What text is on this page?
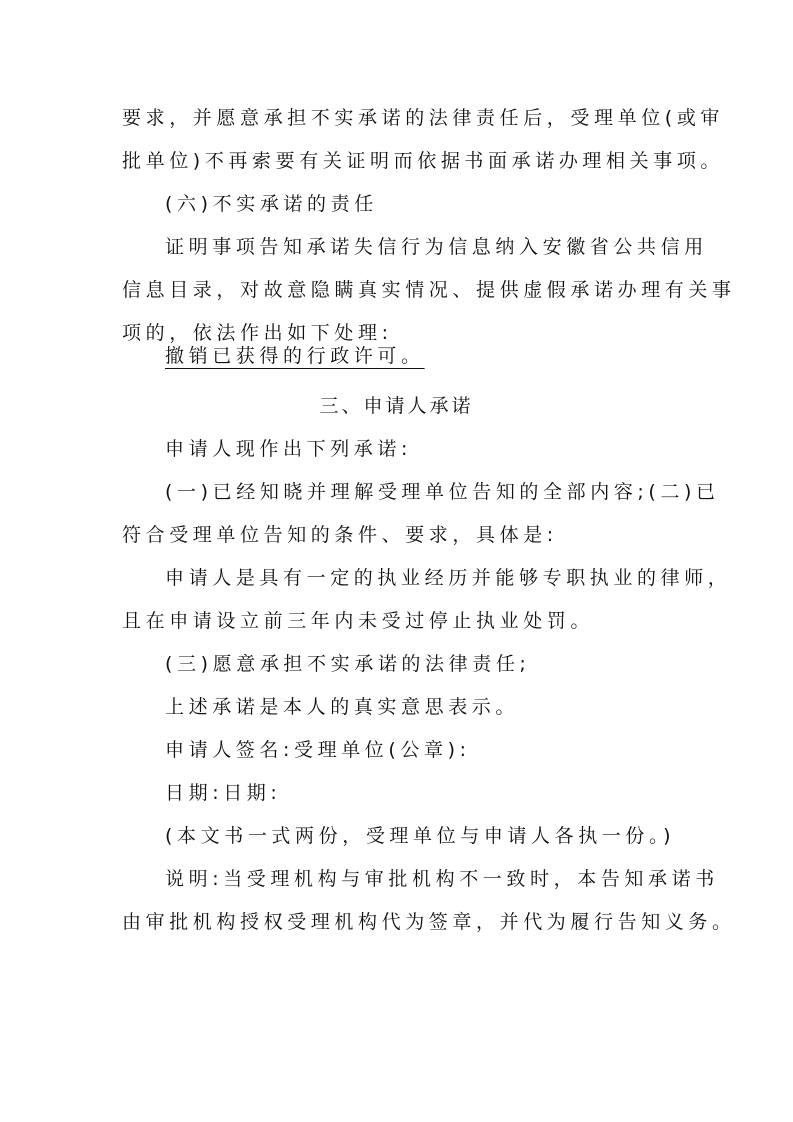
要求，并愿意承担不实承诺的法律责任后，受理单位(或审
批单位)不再索要有关证明而依据书面承诺办理相关事项。
(六)不实承诺的责任
证明事项告知承诺失信行为信息纳入安徽省公共信用
信息目录，对故意隐瞒真实情况、提供虚假承诺办理有关事
项的，依法作出如下处理:
撤销已获得的行政许可。
三、申请人承诺
申请人现作出下列承诺:
(一)已经知晓并理解受理单位告知的全部内容;(二)已
符合受理单位告知的条件、要求，具体是:
申请人是具有一定的执业经历并能够专职执业的律师，
且在申请设立前三年内未受过停止执业处罚。
(三)愿意承担不实承诺的法律责任;
上述承诺是本人的真实意思表示。
申请人签名:受理单位(公章):
日期:日期:
(本文书一式两份，受理单位与申请人各执一份。)
说明:当受理机构与审批机构不一致时，本告知承诺书
由审批机构授权受理机构代为签章，并代为履行告知义务。
